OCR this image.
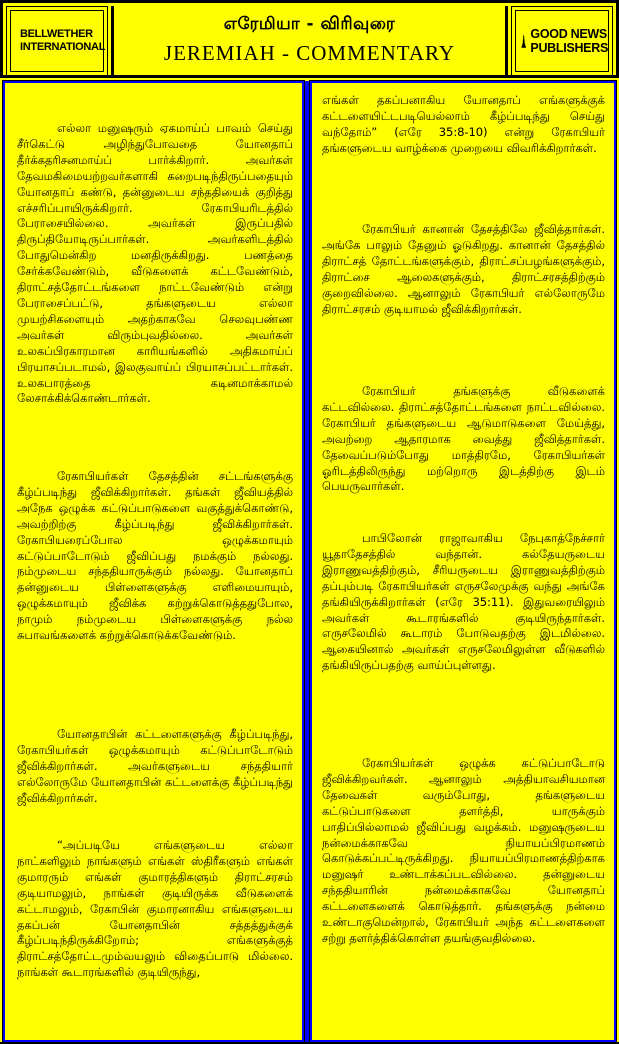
BELLWETHER
INTERNATIONAL
எரேமியா - விரிவுரை
JEREMIAH - COMMENTARY
GOOD NEWS
PUBLISHERS

எல்லா மனுஷரும் ஏகமாய்ப் பாவம் செய்து சீர்கெட்டு அழிந்துபோவதை யோனதாப் தீர்க்கதரிசனமாய்ப் பார்க்கிறார். அவர்கள் தேவமகிமையற்றவர்களாகி கறைபடிந்திருப்பதையும் யோனதாப் கண்டு, தன்னுடைய சந்ததியைக் குறித்து எச்சரிப்பாயிருக்கிறார். ரேகாபியரிடத்தில் பேராசையில்லை. அவர்கள் இருப்பதில் திருப்தியோடிருப்பார்கள். அவர்களிடத்தில் போதுமென்கிற மனதிருக்கிறது. பணத்தை சேர்க்கவேண்டும், வீடுகளைக் கட்டவேண்டும், திராட்சத்தோட்டங்களை நாட்டவேண்டும் என்று பேராசைப்பட்டு, தங்களுடைய எல்லா முயற்சிகளையும் அதற்காகவே செலவுபண்ண அவர்கள் விரும்புவதில்லை. அவர்கள் உலகப்பிரகாரமான காரியங்களில் அதிகமாய்ப் பிரயாசப்படாமல், இலகுவாய்ப் பிரயாசப்பட்டார்கள். உலகபாரத்தை கடினமாக்காமல் லேசாக்கிக்கொண்டார்கள்.

ரேகாபியர்கள் தேசத்தின் சட்டங்களுக்கு கீழ்ப்படிந்து ஜீவிக்கிறார்கள். தங்கள் ஜீவியத்தில் அநேக ஒழுக்க கட்டுப்பாடுகளை வகுத்துக்கொண்டு, அவற்றிற்கு கீழ்ப்படிந்து ஜீவிக்கிறார்கள். ரேகாபியரைப்போல ஒழுக்கமாயும் கட்டுப்பாடோடும் ஜீவிப்பது நமக்கும் நல்லது. நம்முடைய சந்ததியாருக்கும் நல்லது. யோனதாப் தன்னுடைய பிள்ளைகளுக்கு எளிமையாயும், ஒழுக்கமாயும் ஜீவிக்க கற்றுக்கொடுத்ததுபோல, நாமும் நம்முடைய பிள்ளைகளுக்கு நல்ல சுபாவங்களைக் கற்றுக்கொடுக்கவேண்டும்.

யோனதாபின் கட்டளைகளுக்கு கீழ்ப்படிந்து, ரேகாபியர்கள் ஒழுக்கமாயும் கட்டுப்பாடோடும் ஜீவிக்கிறார்கள். அவர்களுடைய சந்ததியார் எல்லோருமே யோனதாபின் கட்டளைக்கு கீழ்ப்படிந்து ஜீவிக்கிறார்கள்.

“அப்படியே எங்களுடைய எல்லா நாட்களிலும் நாங்களும் எங்கள் ஸ்திரீகளும் எங்கள் குமாரரும் எங்கள் குமாரத்திகளும் திராட்சரசம் குடியாமலும், நாங்கள் குடியிருக்க வீடுகளைக் கட்டாமலும், ரேகாபின் குமாரனாகிய எங்களுடைய தகப்பன் யோனதாபின் சத்தத்துக்குக் கீழ்ப்படிந்திருக்கிறோம்; எங்களுக்குத் திராட்சத்தோட்டமும்வயலும் விதைப்பாடு மில்லை. நாங்கள் கூடாரங்களில் குடியிருந்து,

எங்கள் தகப்பனாகிய யோனதாப் எங்களுக்குக் கட்டளையிட்டபடியெல்லாம் கீழ்ப்படிந்து செய்து வந்தோம்” (எரே 35:8-10) என்று ரேகாபியர் தங்களுடைய வாழ்க்கை முறையை விவரிக்கிறார்கள்.

ரேகாபியர் கானான் தேசத்திலே ஜீவித்தார்கள். அங்கே பாலும் தேனும் ஓடுகிறது. கானான் தேசத்தில் திராட்சத் தோட்டங்களுக்கும், திராட்சப்பழங்களுக்கும், திராட்சை ஆலைகளுக்கும், திராட்சரசத்திற்கும் குறைவில்லை. ஆனாலும் ரேகாபியர் எல்லோருமே திராட்சரசம் குடியாமல் ஜீவிக்கிறார்கள்.

ரேகாபியர் தங்களுக்கு வீடுகளைக் கட்டவில்லை. திராட்சத்தோட்டங்களை நாட்டவில்லை. ரேகாபியர் தங்களுடைய ஆடுமாடுகளை மேய்த்து, அவற்றை ஆதாரமாக வைத்து ஜீவித்தார்கள். தேவைப்படும்போது மாத்திரமே, ரேகாபியர்கள் ஓரிடத்திலிருந்து மற்றொரு இடத்திற்கு இடம் பெயருவார்கள்.

பாபிலோன் ராஜாவாகிய நேபுகாத்நேச்சார் யூதாதேசத்தில் வந்தான். கல்தேயருடைய இராணுவத்திற்கும், சீரியருடைய இராணுவத்திற்கும் தப்பும்படி ரேகாபியர்கள் எருசலேமுக்கு வந்து அங்கே தங்கியிருக்கிறார்கள் (எரே 35:11). இதுவரையிலும் அவர்கள் கூடாரங்களில் குடியிருந்தார்கள். எருசலேமில் கூடாரம் போடுவதற்கு இடமில்லை. ஆகையினால் அவர்கள் எருசலேமிலுள்ள வீடுகளில் தங்கியிருப்பதற்கு வாய்ப்புள்ளது.

ரேகாபியர்கள் ஒழுக்க கட்டுப்பாடோடு ஜீவிக்கிறவர்கள். ஆனாலும் அத்தியாவசியமான தேவைகள் வரும்போது, தங்களுடைய கட்டுப்பாடுகளை தளர்த்தி, யாருக்கும் பாதிப்பில்லாமல் ஜீவிப்பது வழக்கம். மனுஷருடைய நன்மைக்காகவே நியாயப்பிரமாணம் கொடுக்கப்பட்டிருக்கிறது. நியாயப்பிரமாணத்திற்காக மனுஷர் உண்டாக்கப்படவில்லை. தன்னுடைய சந்ததியாரின் நன்மைக்காகவே யோனதாப் கட்டளைகளைக் கொடுத்தார். தங்களுக்கு நன்மை உண்டாகுமென்றால், ரேகாபியர் அந்த கட்டளைகளை சற்று தளர்த்திக்கொள்ள தயங்குவதில்லை.
